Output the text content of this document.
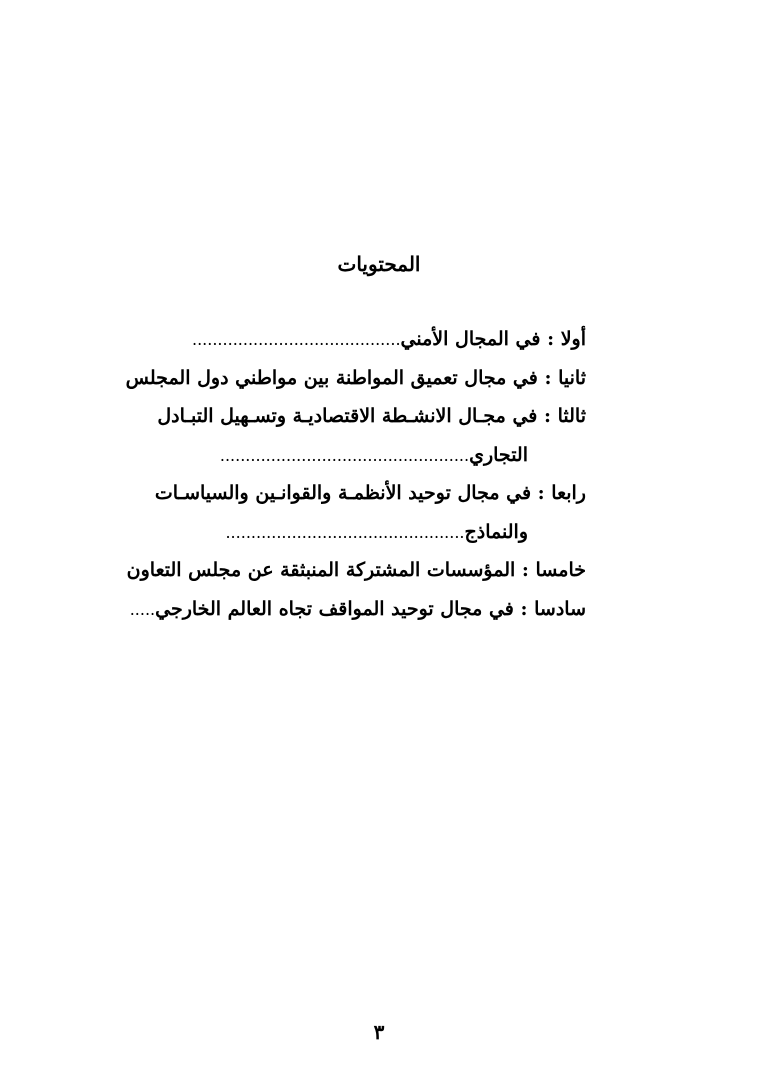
المحتويات
أولا : في المجال الأمني.........................................
ثانيا : في مجال تعميق المواطنة بين مواطني دول المجلس
ثالثا : في مجـال الانشـطة الاقتصاديـة وتسـهيل التبـادل
التجاري.................................................
رابعا : في مجال توحيد الأنظمـة والقوانـين والسياسـات
والنماذج...............................................
خامسا : المؤسسات المشتركة المنبثقة عن مجلس التعاون
سادسا : في مجال توحيد المواقف تجاه العالم الخارجي.....
٣
